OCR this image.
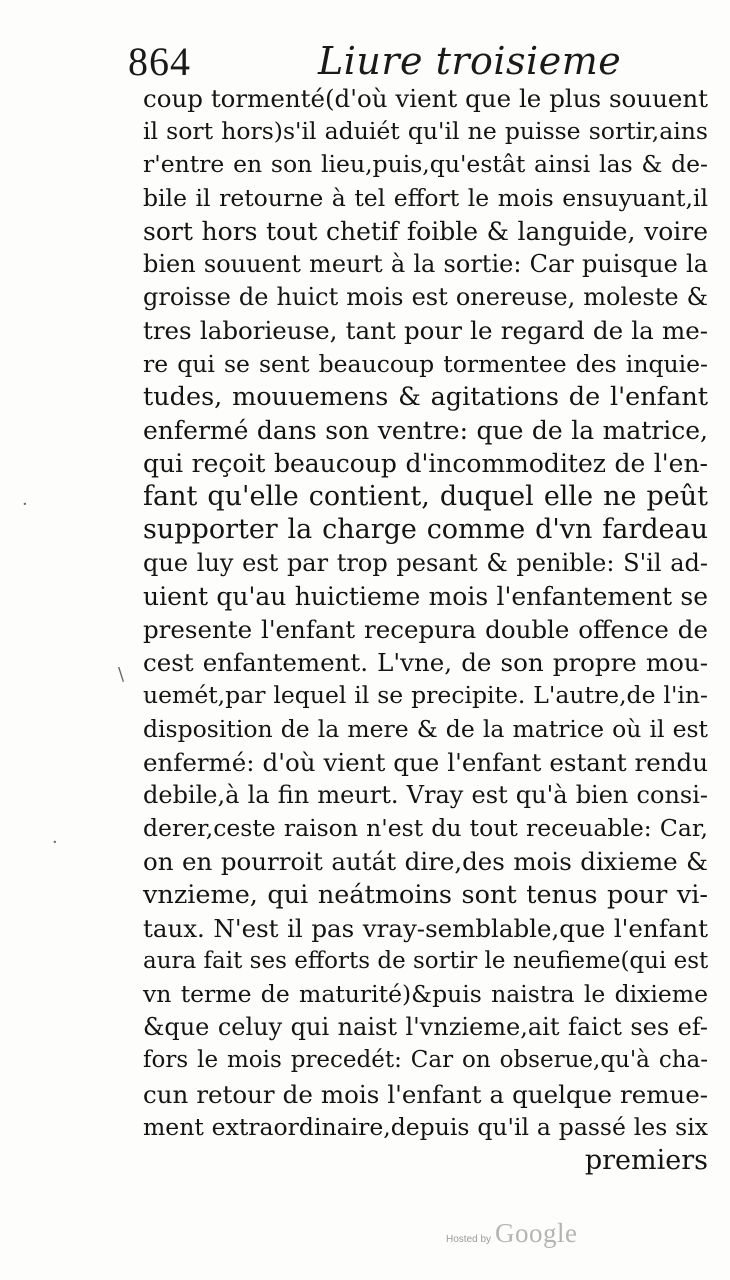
864	Liure troisieme
coup tormenté(d'où vient que le plus souuent
il sort hors)s'il aduiét qu'il ne puisse sortir,ains
r'entre en son lieu,puis,qu'estât ainsi las & de-
bile il retourne à tel effort le mois ensuyuant,il
sort hors tout chetif foible & languide, voire
bien souuent meurt à la sortie: Car puisque la
groisse de huict mois est onereuse, moleste &
tres laborieuse, tant pour le regard de la me-
re qui se sent beaucoup tormentee des inquie-
tudes, mouuemens & agitations de l'enfant
enfermé dans son ventre: que de la matrice,
qui reçoit beaucoup d'incommoditez de l'en-
fant qu'elle contient, duquel elle ne peût
supporter la charge comme d'vn fardeau
que luy est par trop pesant & penible: S'il ad-
uient qu'au huictieme mois l'enfantement se
presente l'enfant recepura double offence de
cest enfantement. L'vne, de son propre mou-
uemét,par lequel il se precipite. L'autre,de l'in-
disposition de la mere & de la matrice où il est
enfermé: d'où vient que l'enfant estant rendu
debile,à la fin meurt. Vray est qu'à bien consi-
derer,ceste raison n'est du tout receuable: Car,
on en pourroit autát dire,des mois dixieme &
vnzieme, qui neátmoins sont tenus pour vi-
taux. N'est il pas vray-semblable,que l'enfant
aura fait ses efforts de sortir le neufieme(qui est
vn terme de maturité)&puis naistra le dixieme
&que celuy qui naist l'vnzieme,ait faict ses ef-
fors le mois precedét: Car on obserue,qu'à cha-
cun retour de mois l'enfant a quelque remue-
ment extraordinaire,depuis qu'il a passé les six
premiers
\
·
·
Hosted by Google
